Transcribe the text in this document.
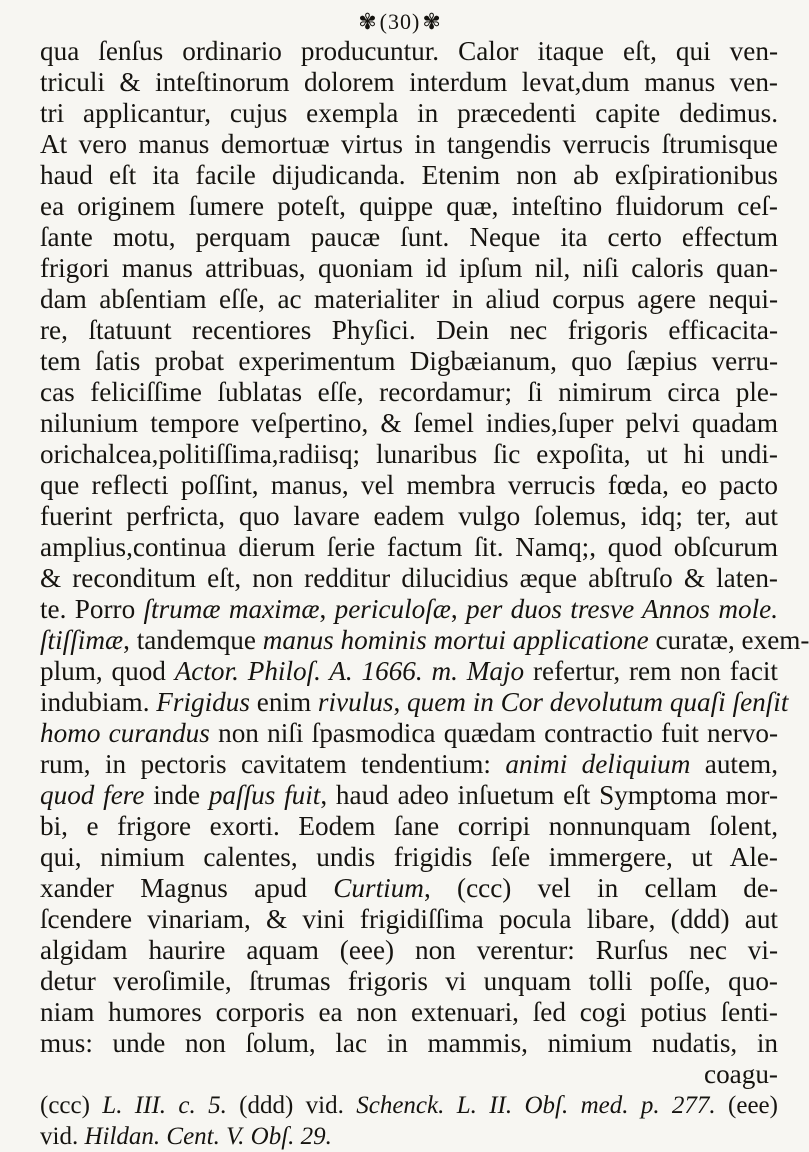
✾ (30) ✾
qua ſenſus ordinario producuntur. Calor itaque eſt, qui ven-
triculi & inteſtinorum dolorem interdum levat,dum manus ven-
tri applicantur, cujus exempla in præcedenti capite dedimus.
At vero manus demortuæ virtus in tangendis verrucis ſtrumisque
haud eſt ita facile dijudicanda. Etenim non ab exſpirationibus
ea originem ſumere poteſt, quippe quæ, inteſtino fluidorum ceſ-
ſante motu, perquam paucæ ſunt. Neque ita certo effectum
frigori manus attribuas, quoniam id ipſum nil, niſi caloris quan-
dam abſentiam eſſe, ac materialiter in aliud corpus agere nequi-
re, ſtatuunt recentiores Phyſici. Dein nec frigoris efficacita-
tem ſatis probat experimentum Digbæianum, quo ſæpius verru-
cas feliciſſime ſublatas eſſe, recordamur; ſi nimirum circa ple-
nilunium tempore veſpertino, & ſemel indies,ſuper pelvi quadam
orichalcea,politiſſima,radiisq; lunaribus ſic expoſita, ut hi undi-
que reflecti poſſint, manus, vel membra verrucis fœda, eo pacto
fuerint perfricta, quo lavare eadem vulgo ſolemus, idq; ter, aut
amplius,continua dierum ſerie factum ſit. Namq;, quod obſcurum
& reconditum eſt, non redditur dilucidius æque abſtruſo & laten-
te. Porro ſtrumæ maximæ, periculoſæ, per duos tresve Annos mole.
ſtiſſimæ, tandemque manus hominis mortui applicatione curatæ, exem-
plum, quod Actor. Philoſ. A. 1666. m. Majo refertur, rem non facit
indubiam. Frigidus enim rivulus, quem in Cor devolutum quaſi ſenſit
homo curandus non niſi ſpasmodica quædam contractio fuit nervo-
rum, in pectoris cavitatem tendentium: animi deliquium autem,
quod fere inde paſſus fuit, haud adeo inſuetum eſt Symptoma mor-
bi, e frigore exorti. Eodem ſane corripi nonnunquam ſolent,
qui, nimium calentes, undis frigidis ſeſe immergere, ut Ale-
xander Magnus apud Curtium, (ccc) vel in cellam de-
ſcendere vinariam, & vini frigidiſſima pocula libare, (ddd) aut
algidam haurire aquam (eee) non verentur: Rurſus nec vi-
detur veroſimile, ſtrumas frigoris vi unquam tolli poſſe, quo-
niam humores corporis ea non extenuari, ſed cogi potius ſenti-
mus: unde non ſolum, lac in mammis, nimium nudatis, in
coagu-
(ccc) L. III. c. 5. (ddd) vid. Schenck. L. II. Obſ. med. p. 277. (eee)
vid. Hildan. Cent. V. Obſ. 29.
